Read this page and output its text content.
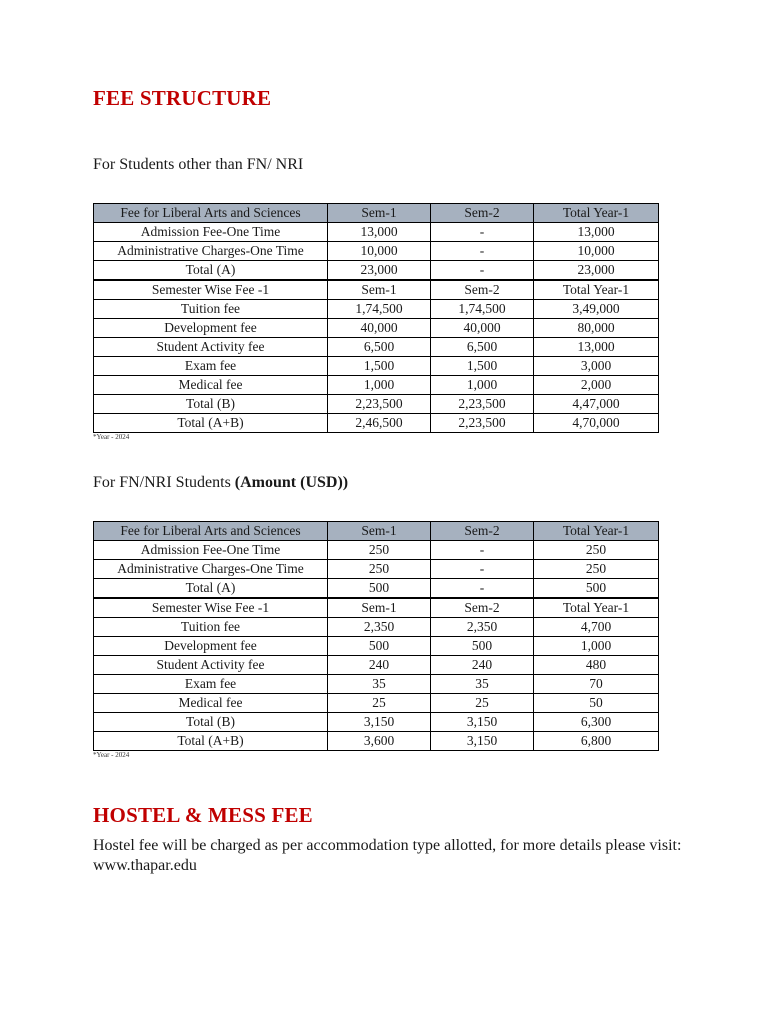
FEE STRUCTURE

For Students other than FN/ NRI

Fee for Liberal Arts and Sciences	Sem-1	Sem-2	Total Year-1
Admission Fee-One Time	13,000	-	13,000
Administrative Charges-One Time	10,000	-	10,000
Total (A)	23,000	-	23,000
Semester Wise Fee -1	Sem-1	Sem-2	Total Year-1
Tuition fee	1,74,500	1,74,500	3,49,000
Development fee	40,000	40,000	80,000
Student Activity fee	6,500	6,500	13,000
Exam fee	1,500	1,500	3,000
Medical fee	1,000	1,000	2,000
Total (B)	2,23,500	2,23,500	4,47,000
Total (A+B)	2,46,500	2,23,500	4,70,000

*Year - 2024

For FN/NRI Students (Amount (USD))

Fee for Liberal Arts and Sciences	Sem-1	Sem-2	Total Year-1
Admission Fee-One Time	250	-	250
Administrative Charges-One Time	250	-	250
Total (A)	500	-	500
Semester Wise Fee -1	Sem-1	Sem-2	Total Year-1
Tuition fee	2,350	2,350	4,700
Development fee	500	500	1,000
Student Activity fee	240	240	480
Exam fee	35	35	70
Medical fee	25	25	50
Total (B)	3,150	3,150	6,300
Total (A+B)	3,600	3,150	6,800

*Year - 2024

HOSTEL & MESS FEE

Hostel fee will be charged as per accommodation type allotted, for more details please visit: www.thapar.edu
